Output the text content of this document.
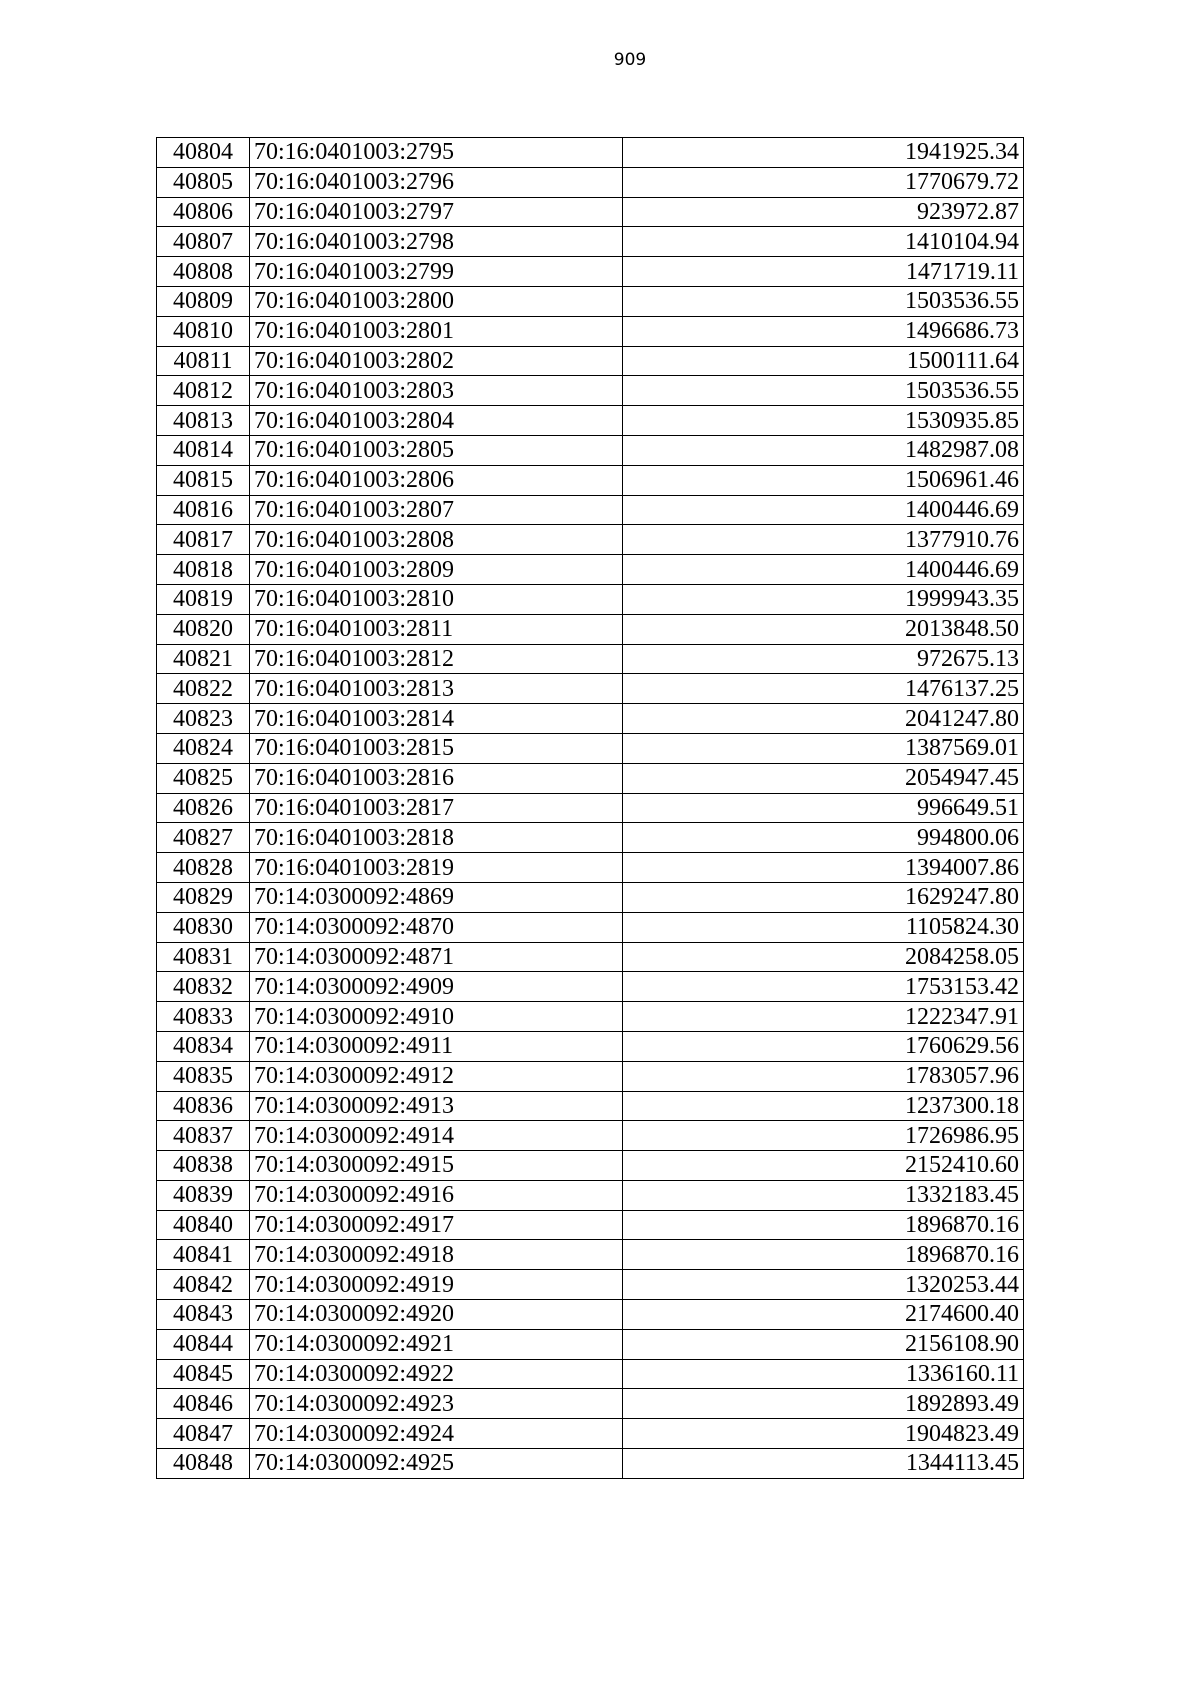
909
40804	70:16:0401003:2795	1941925.34
40805	70:16:0401003:2796	1770679.72
40806	70:16:0401003:2797	923972.87
40807	70:16:0401003:2798	1410104.94
40808	70:16:0401003:2799	1471719.11
40809	70:16:0401003:2800	1503536.55
40810	70:16:0401003:2801	1496686.73
40811	70:16:0401003:2802	1500111.64
40812	70:16:0401003:2803	1503536.55
40813	70:16:0401003:2804	1530935.85
40814	70:16:0401003:2805	1482987.08
40815	70:16:0401003:2806	1506961.46
40816	70:16:0401003:2807	1400446.69
40817	70:16:0401003:2808	1377910.76
40818	70:16:0401003:2809	1400446.69
40819	70:16:0401003:2810	1999943.35
40820	70:16:0401003:2811	2013848.50
40821	70:16:0401003:2812	972675.13
40822	70:16:0401003:2813	1476137.25
40823	70:16:0401003:2814	2041247.80
40824	70:16:0401003:2815	1387569.01
40825	70:16:0401003:2816	2054947.45
40826	70:16:0401003:2817	996649.51
40827	70:16:0401003:2818	994800.06
40828	70:16:0401003:2819	1394007.86
40829	70:14:0300092:4869	1629247.80
40830	70:14:0300092:4870	1105824.30
40831	70:14:0300092:4871	2084258.05
40832	70:14:0300092:4909	1753153.42
40833	70:14:0300092:4910	1222347.91
40834	70:14:0300092:4911	1760629.56
40835	70:14:0300092:4912	1783057.96
40836	70:14:0300092:4913	1237300.18
40837	70:14:0300092:4914	1726986.95
40838	70:14:0300092:4915	2152410.60
40839	70:14:0300092:4916	1332183.45
40840	70:14:0300092:4917	1896870.16
40841	70:14:0300092:4918	1896870.16
40842	70:14:0300092:4919	1320253.44
40843	70:14:0300092:4920	2174600.40
40844	70:14:0300092:4921	2156108.90
40845	70:14:0300092:4922	1336160.11
40846	70:14:0300092:4923	1892893.49
40847	70:14:0300092:4924	1904823.49
40848	70:14:0300092:4925	1344113.45
